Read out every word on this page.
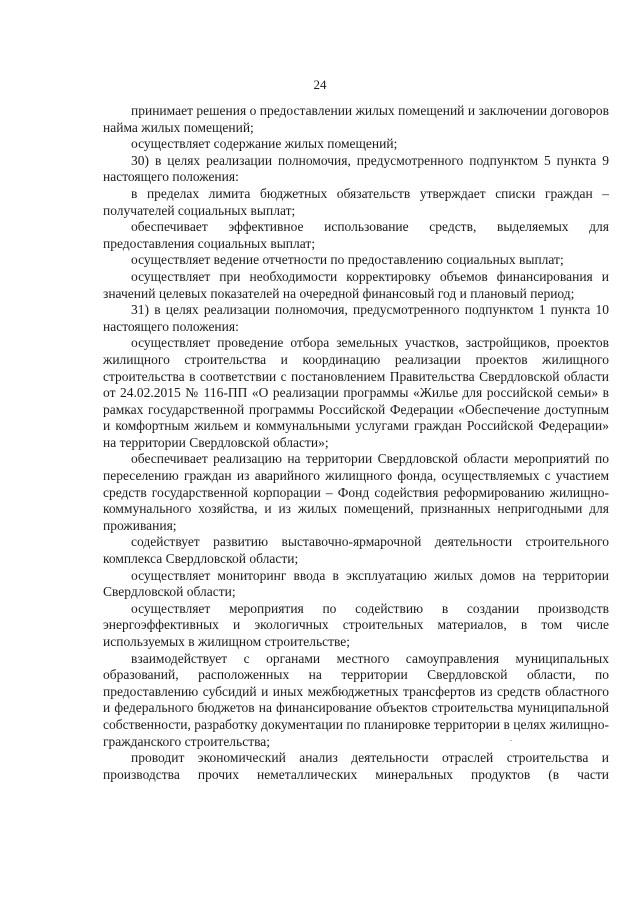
24

принимает решения о предоставлении жилых помещений и заключении договоров найма жилых помещений;

осуществляет содержание жилых помещений;

30) в целях реализации полномочия, предусмотренного подпунктом 5 пункта 9 настоящего положения:

в пределах лимита бюджетных обязательств утверждает списки граждан – получателей социальных выплат;

обеспечивает эффективное использование средств, выделяемых для предоставления социальных выплат;

осуществляет ведение отчетности по предоставлению социальных выплат;

осуществляет при необходимости корректировку объемов финансирования и значений целевых показателей на очередной финансовый год и плановый период;

31) в целях реализации полномочия, предусмотренного подпунктом 1 пункта 10 настоящего положения:

осуществляет проведение отбора земельных участков, застройщиков, проектов жилищного строительства и координацию реализации проектов жилищного строительства в соответствии с постановлением Правительства Свердловской области от 24.02.2015 № 116-ПП «О реализации программы «Жилье для российской семьи» в рамках государственной программы Российской Федерации «Обеспечение доступным и комфортным жильем и коммунальными услугами граждан Российской Федерации» на территории Свердловской области»;

обеспечивает реализацию на территории Свердловской области мероприятий по переселению граждан из аварийного жилищного фонда, осуществляемых с участием средств государственной корпорации – Фонд содействия реформированию жилищно-коммунального хозяйства, и из жилых помещений, признанных непригодными для проживания;

содействует развитию выставочно-ярмарочной деятельности строительного комплекса Свердловской области;

осуществляет мониторинг ввода в эксплуатацию жилых домов на территории Свердловской области;

осуществляет мероприятия по содействию в создании производств энергоэффективных и экологичных строительных материалов, в том числе используемых в жилищном строительстве;

взаимодействует с органами местного самоуправления муниципальных образований, расположенных на территории Свердловской области, по предоставлению субсидий и иных межбюджетных трансфертов из средств областного и федерального бюджетов на финансирование объектов строительства муниципальной собственности, разработку документации по планировке территории в целях жилищно-гражданского строительства;

проводит экономический анализ деятельности отраслей строительства и производства прочих неметаллических минеральных продуктов (в части
